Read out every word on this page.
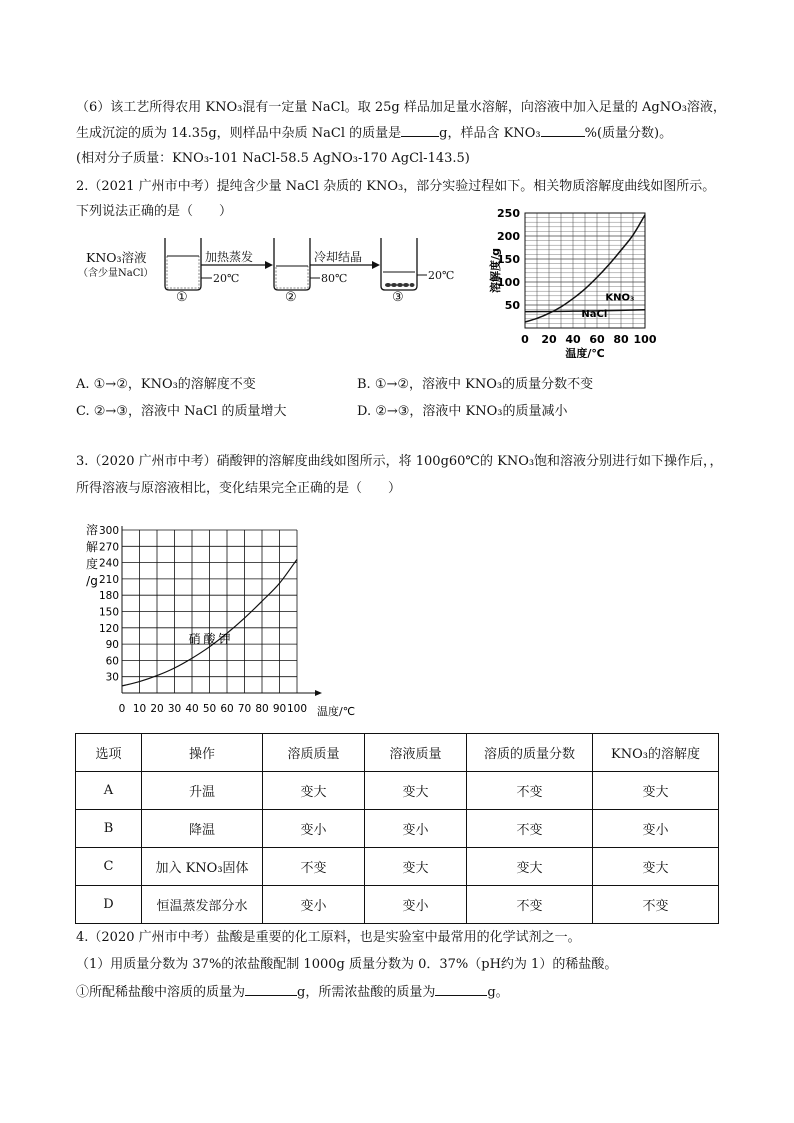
（6）该工艺所得农用 KNO₃混有一定量 NaCl。取 25g 样品加足量水溶解，向溶液中加入足量的 AgNO₃溶液，
生成沉淀的质为 14.35g，则样品中杂质 NaCl 的质量是	g，样品含 KNO₃	%(质量分数)。
(相对分子质量：KNO₃-101 NaCl-58.5 AgNO₃-170 AgCl-143.5)
2.（2021 广州市中考）提纯含少量 NaCl 杂质的 KNO₃，部分实验过程如下。相关物质溶解度曲线如图所示。
下列说法正确的是（　　）
KNO₃溶液
（含少量NaCl）
加热蒸发	冷却结晶
20℃	80℃	20℃
①	②	③
50
100
150
200
250
0 20 40 60 80 100
温度/℃
溶解度/g
KNO₃
NaCl
A. ①→②，KNO₃的溶解度不变	B. ①→②，溶液中 KNO₃的质量分数不变
C. ②→③，溶液中 NaCl 的质量增大	D. ②→③，溶液中 KNO₃的质量减小
3.（2020 广州市中考）硝酸钾的溶解度曲线如图所示，将 100g60℃的 KNO₃饱和溶液分别进行如下操作后，，
所得溶液与原溶液相比，变化结果完全正确的是（　　）
30
60
90
120
150
180
210
240
270
300
0 10 20 30 40 50 60 70 80 90 100 温度/℃
溶
解
度
/g
硝酸钾
选项	操作	溶质质量	溶液质量	溶质的质量分数	KNO₃的溶解度
A	升温	变大	变大	不变	变大
B	降温	变小	变小	不变	变小
C	加入 KNO₃固体	不变	变大	变大	变大
D	恒温蒸发部分水	变小	变小	不变	不变
4.（2020 广州市中考）盐酸是重要的化工原料，也是实验室中最常用的化学试剂之一。
（1）用质量分数为 37%的浓盐酸配制 1000g 质量分数为 0．37%（pH约为 1）的稀盐酸。
①所配稀盐酸中溶质的质量为	g，所需浓盐酸的质量为	g。
